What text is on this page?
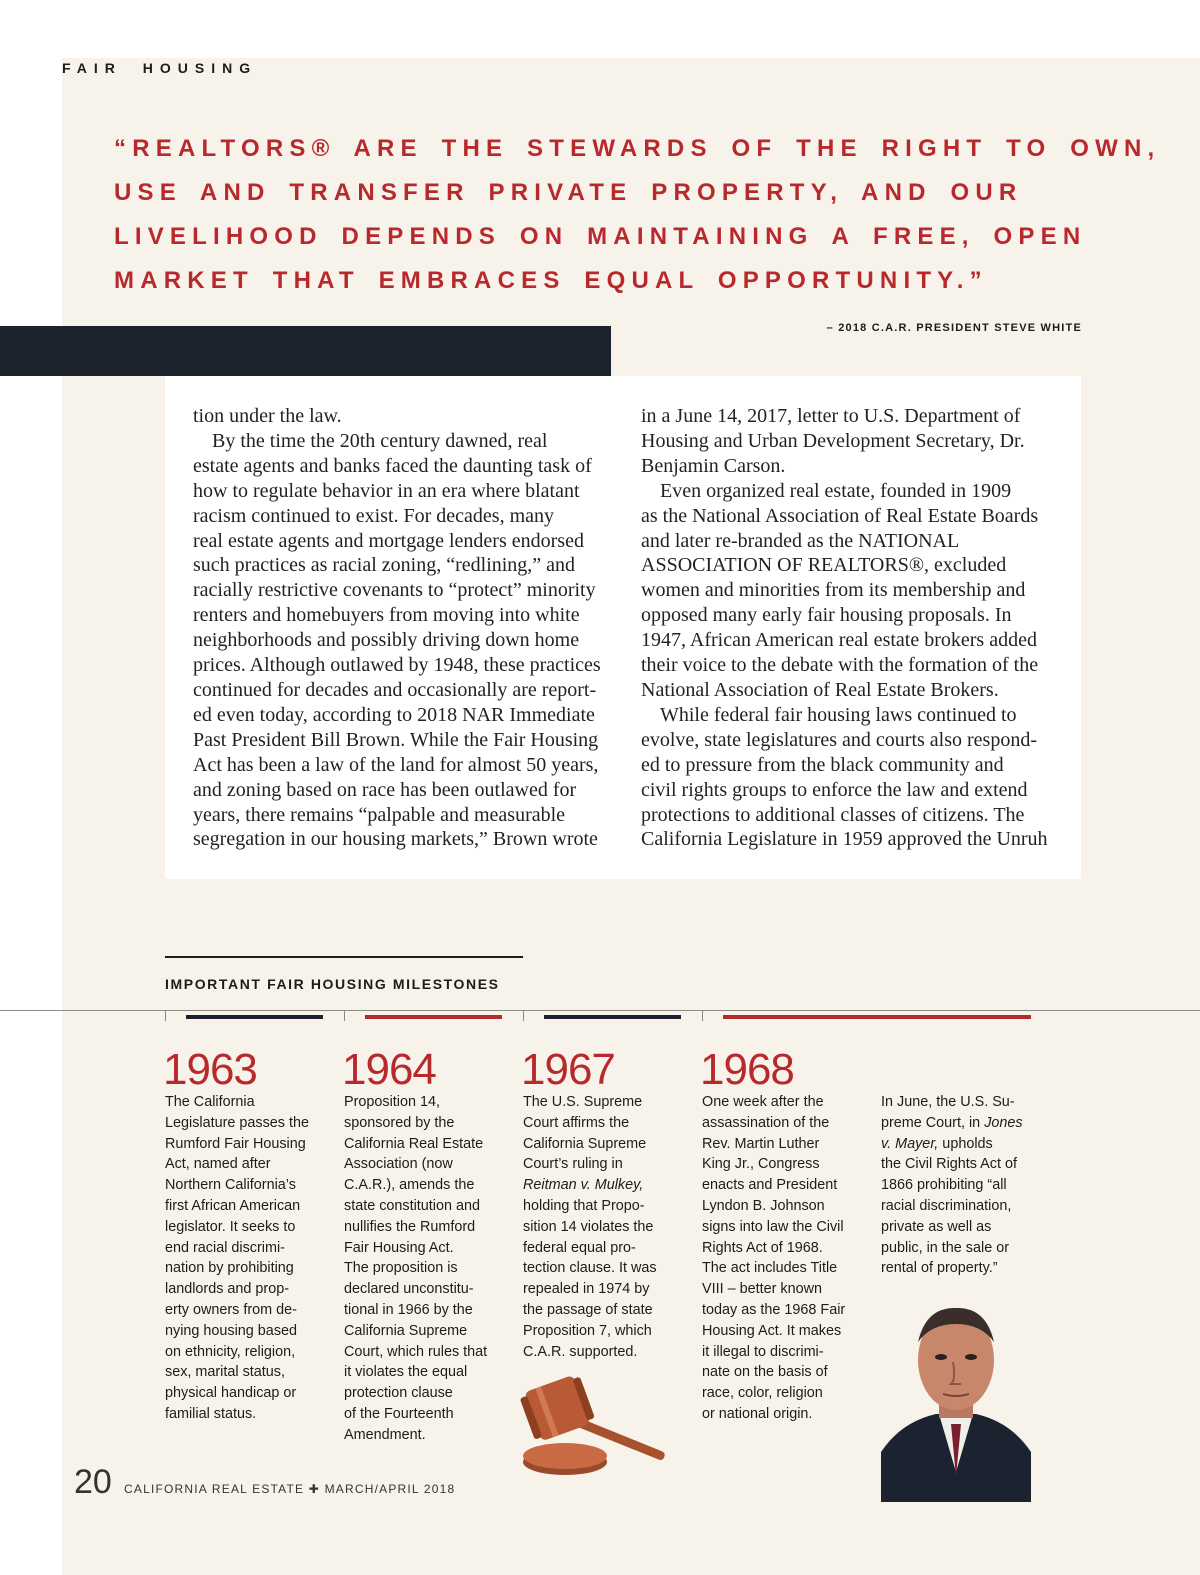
FAIR HOUSING
“REALTORS® ARE THE STEWARDS OF THE RIGHT TO OWN,
USE AND TRANSFER PRIVATE PROPERTY, AND OUR
LIVELIHOOD DEPENDS ON MAINTAINING A FREE, OPEN
MARKET THAT EMBRACES EQUAL OPPORTUNITY.”
– 2018 C.A.R. PRESIDENT STEVE WHITE
tion under the law.
By the time the 20th century dawned, real
estate agents and banks faced the daunting task of
how to regulate behavior in an era where blatant
racism continued to exist. For decades, many
real estate agents and mortgage lenders endorsed
such practices as racial zoning, “redlining,” and
racially restrictive covenants to “protect” minority
renters and homebuyers from moving into white
neighborhoods and possibly driving down home
prices. Although outlawed by 1948, these practices
continued for decades and occasionally are report-
ed even today, according to 2018 NAR Immediate
Past President Bill Brown. While the Fair Housing
Act has been a law of the land for almost 50 years,
and zoning based on race has been outlawed for
years, there remains “palpable and measurable
segregation in our housing markets,” Brown wrote
in a June 14, 2017, letter to U.S. Department of
Housing and Urban Development Secretary, Dr.
Benjamin Carson.
Even organized real estate, founded in 1909
as the National Association of Real Estate Boards
and later re-branded as the NATIONAL
ASSOCIATION OF REALTORS®, excluded
women and minorities from its membership and
opposed many early fair housing proposals. In
1947, African American real estate brokers added
their voice to the debate with the formation of the
National Association of Real Estate Brokers.
While federal fair housing laws continued to
evolve, state legislatures and courts also respond-
ed to pressure from the black community and
civil rights groups to enforce the law and extend
protections to additional classes of citizens. The
California Legislature in 1959 approved the Unruh
IMPORTANT FAIR HOUSING MILESTONES
1963
The California
Legislature passes the
Rumford Fair Housing
Act, named after
Northern California’s
first African American
legislator. It seeks to
end racial discrimi-
nation by prohibiting
landlords and prop-
erty owners from de-
nying housing based
on ethnicity, religion,
sex, marital status,
physical handicap or
familial status.
1964
Proposition 14,
sponsored by the
California Real Estate
Association (now
C.A.R.), amends the
state constitution and
nullifies the Rumford
Fair Housing Act.
The proposition is
declared unconstitu-
tional in 1966 by the
California Supreme
Court, which rules that
it violates the equal
protection clause
of the Fourteenth
Amendment.
1967
The U.S. Supreme
Court affirms the
California Supreme
Court’s ruling in
Reitman v. Mulkey,
holding that Propo-
sition 14 violates the
federal equal pro-
tection clause. It was
repealed in 1974 by
the passage of state
Proposition 7, which
C.A.R. supported.
1968
One week after the
assassination of the
Rev. Martin Luther
King Jr., Congress
enacts and President
Lyndon B. Johnson
signs into law the Civil
Rights Act of 1968.
The act includes Title
VIII – better known
today as the 1968 Fair
Housing Act. It makes
it illegal to discrimi-
nate on the basis of
race, color, religion
or national origin.
In June, the U.S. Su-
preme Court, in Jones
v. Mayer, upholds
the Civil Rights Act of
1866 prohibiting “all
racial discrimination,
private as well as
public, in the sale or
rental of property.”
20 CALIFORNIA REAL ESTATE ✚ MARCH/APRIL 2018
